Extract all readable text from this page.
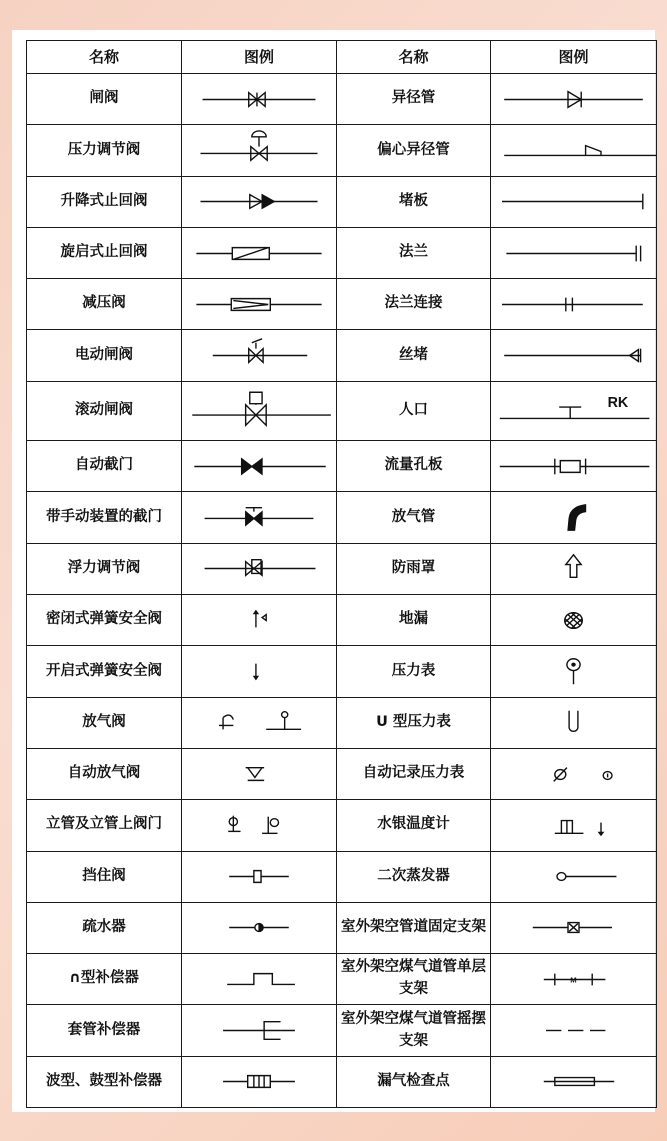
名称	图例	名称	图例
闸阀		异径管	

压力调节阀		偏心异径管	

升降式止回阀		堵板	

旋启式止回阀		法兰	

减压阀		法兰连接	

电动闸阀		丝堵	

滚动闸阀		人口	RK

自动截门		流量孔板	

带手动装置的截门		放气管	

浮力调节阀		防雨罩	

密闭式弹簧安全阀		地漏	

开启式弹簧安全阀		压力表	

放气阀		U 型压力表	

自动放气阀		自动记录压力表	

立管及立管上阀门		水银温度计	

挡住阀		二次蒸发器	

疏水器		室外架空管道固定支架	

∩型补偿器		室外架空煤气道管单层支架	M

套管补偿器		室外架空煤气道管摇摆支架	

波型、鼓型补偿器		漏气检查点	
